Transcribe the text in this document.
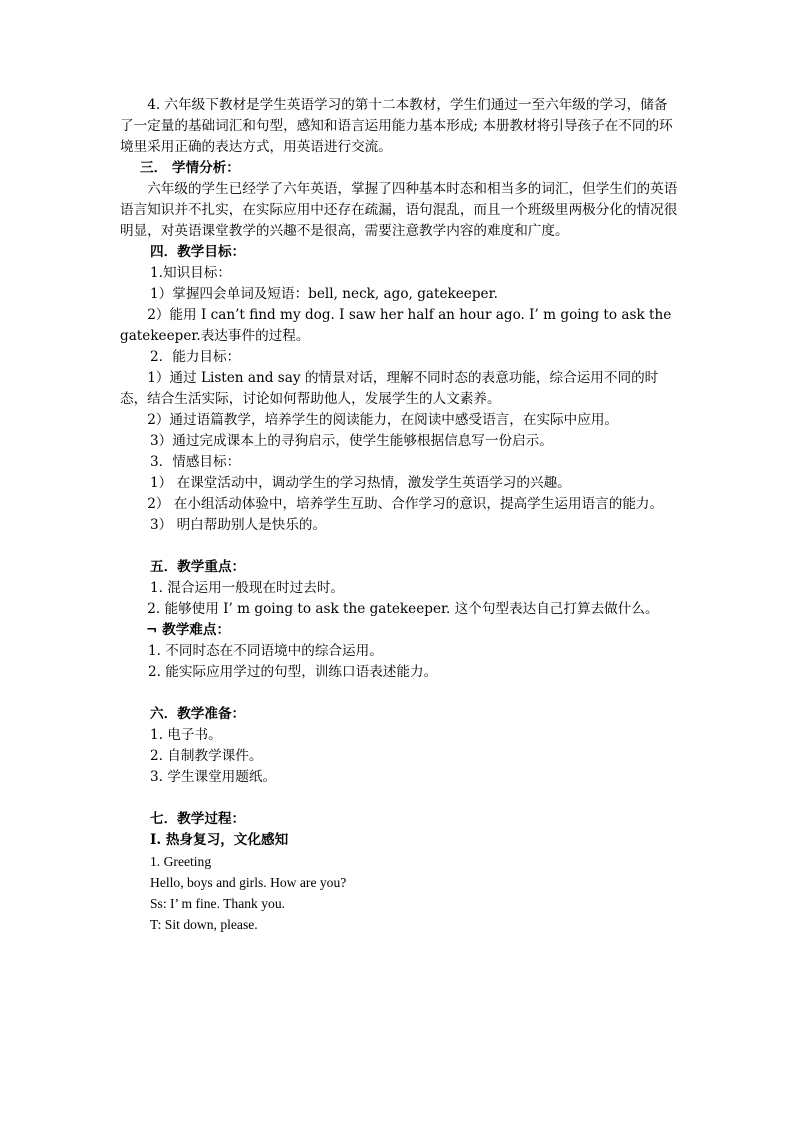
4. 六年级下教材是学生英语学习的第十二本教材，学生们通过一至六年级的学习，储备了一定量的基础词汇和句型，感知和语言运用能力基本形成; 本册教材将引导孩子在不同的环境里采用正确的表达方式，用英语进行交流。

三． 学情分析：

六年级的学生已经学了六年英语，掌握了四种基本时态和相当多的词汇，但学生们的英语语言知识并不扎实，在实际应用中还存在疏漏，语句混乱，而且一个班级里两极分化的情况很明显，对英语课堂教学的兴趣不是很高，需要注意教学内容的难度和广度。

四．教学目标：

1.知识目标：

1）掌握四会单词及短语：bell, neck, ago, gatekeeper.

2）能用 I can’t find my dog. I saw her half an hour ago. I’ m going to ask the gatekeeper.表达事件的过程。

2．能力目标：

1）通过 Listen and say 的情景对话，理解不同时态的表意功能，综合运用不同的时态，结合生活实际，讨论如何帮助他人，发展学生的人文素养。

2）通过语篇教学，培养学生的阅读能力，在阅读中感受语言，在实际中应用。

3）通过完成课本上的寻狗启示，使学生能够根据信息写一份启示。

3．情感目标：

1） 在课堂活动中，调动学生的学习热情，激发学生英语学习的兴趣。

2） 在小组活动体验中，培养学生互助、合作学习的意识，提高学生运用语言的能力。

3） 明白帮助别人是快乐的。

五．教学重点：

1. 混合运用一般现在时过去时。

2. 能够使用 I’ m going to ask the gatekeeper. 这个句型表达自己打算去做什么。

¬ 教学难点：

1. 不同时态在不同语境中的综合运用。

2. 能实际应用学过的句型，训练口语表述能力。

六．教学准备：

1. 电子书。

2. 自制教学课件。

3. 学生课堂用题纸。

七．教学过程：

I. 热身复习，文化感知

1. Greeting

Hello, boys and girls. How are you?

Ss: I’ m fine. Thank you.

T: Sit down, please.
